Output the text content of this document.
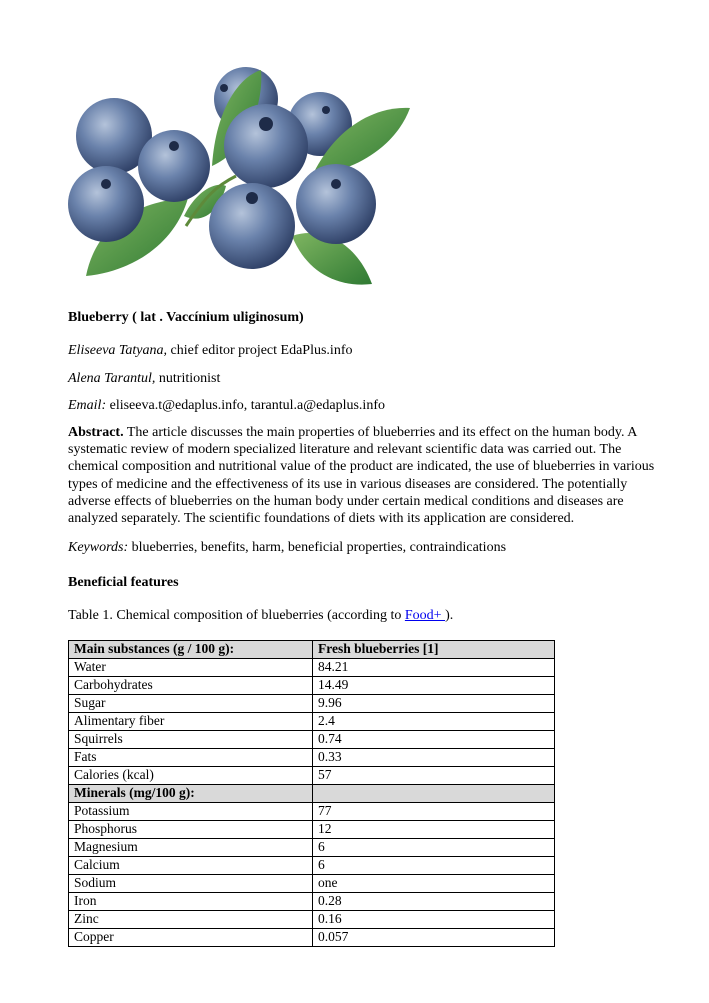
Blueberry ( lat . Vaccínium uliginosum)
Eliseeva Tatyana, chief editor project EdaPlus.info
Alena Tarantul, nutritionist
Email: eliseeva.t@edaplus.info, tarantul.a@edaplus.info
Abstract. The article discusses the main properties of blueberries and its effect on the human body. A systematic review of modern specialized literature and relevant scientific data was carried out. The chemical composition and nutritional value of the product are indicated, the use of blueberries in various types of medicine and the effectiveness of its use in various diseases are considered. The potentially adverse effects of blueberries on the human body under certain medical conditions and diseases are analyzed separately. The scientific foundations of diets with its application are considered.
Keywords: blueberries, benefits, harm, beneficial properties, contraindications
Beneficial features
Table 1. Chemical composition of blueberries (according to Food+ ).
Main substances (g / 100 g):	Fresh blueberries [1]
Water	84.21
Carbohydrates	14.49
Sugar	9.96
Alimentary fiber	2.4
Squirrels	0.74
Fats	0.33
Calories (kcal)	57
Minerals (mg/100 g):	
Potassium	77
Phosphorus	12
Magnesium	6
Calcium	6
Sodium	one
Iron	0.28
Zinc	0.16
Copper	0.057
